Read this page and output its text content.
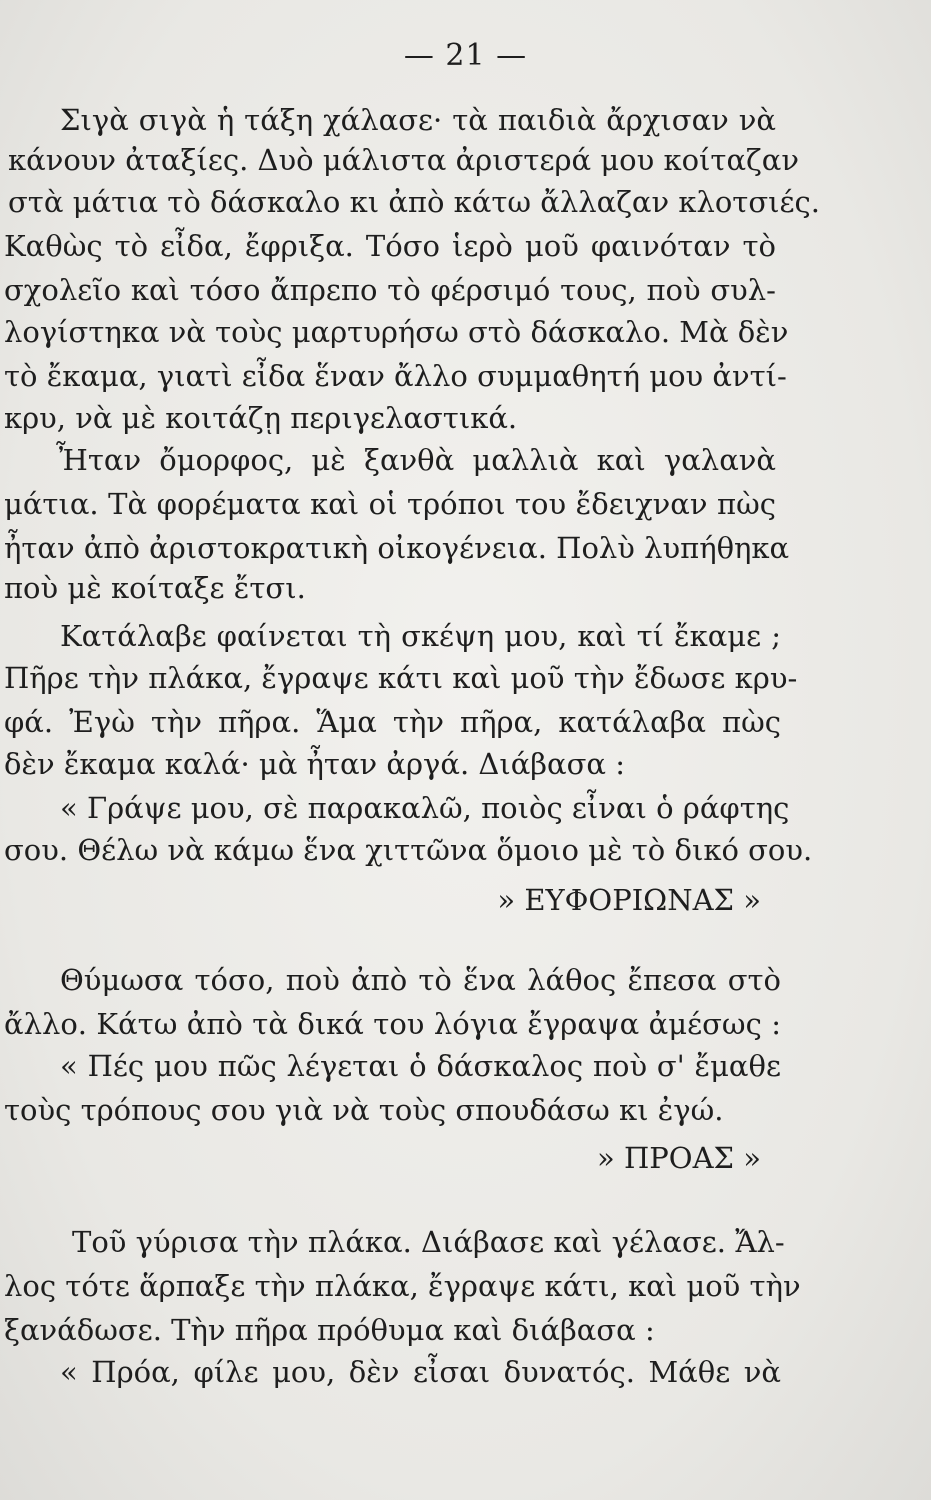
— 21 —
Σιγὰ σιγὰ ἡ τάξη χάλασε· τὰ παιδιὰ ἄρχισαν νὰ
κάνουν ἀταξίες. Δυὸ μάλιστα ἀριστερά μου κοίταζαν
στὰ μάτια τὸ δάσκαλο κι ἀπὸ κάτω ἄλλαζαν κλοτσιές.
Καθὼς τὸ εἶδα, ἔφριξα. Τόσο ἱερὸ μοῦ φαινόταν τὸ
σχολεῖο καὶ τόσο ἄπρεπο τὸ φέρσιμό τους, ποὺ συλ-
λογίστηκα νὰ τοὺς μαρτυρήσω στὸ δάσκαλο. Μὰ δὲν
τὸ ἔκαμα, γιατὶ εἶδα ἕναν ἄλλο συμμαθητή μου ἀντί-
κρυ, νὰ μὲ κοιτάζῃ περιγελαστικά.
Ἦταν ὄμορφος, μὲ ξανθὰ μαλλιὰ καὶ γαλανὰ
μάτια. Τὰ φορέματα καὶ οἱ τρόποι του ἔδειχναν πὼς
ἦταν ἀπὸ ἀριστοκρατικὴ οἰκογένεια. Πολὺ λυπήθηκα
ποὺ μὲ κοίταξε ἔτσι.
Κατάλαβε φαίνεται τὴ σκέψη μου, καὶ τί ἔκαμε ;
Πῆρε τὴν πλάκα, ἔγραψε κάτι καὶ μοῦ τὴν ἔδωσε κρυ-
φά. Ἐγὼ τὴν πῆρα. Ἅμα τὴν πῆρα, κατάλαβα πὼς
δὲν ἔκαμα καλά· μὰ ἦταν ἀργά. Διάβασα :
« Γράψε μου, σὲ παρακαλῶ, ποιὸς εἶναι ὁ ράφτης
σου. Θέλω νὰ κάμω ἕνα χιττῶνα ὅμοιο μὲ τὸ δικό σου.
» ΕΥΦΟΡΙΩΝΑΣ »
Θύμωσα τόσο, ποὺ ἀπὸ τὸ ἕνα λάθος ἔπεσα στὸ
ἄλλο. Κάτω ἀπὸ τὰ δικά του λόγια ἔγραψα ἀμέσως :
« Πές μου πῶς λέγεται ὁ δάσκαλος ποὺ σ' ἔμαθε
τοὺς τρόπους σου γιὰ νὰ τοὺς σπουδάσω κι ἐγώ.
» ΠΡΟΑΣ »
Τοῦ γύρισα τὴν πλάκα. Διάβασε καὶ γέλασε. Ἄλ-
λος τότε ἅρπαξε τὴν πλάκα, ἔγραψε κάτι, καὶ μοῦ τὴν
ξανάδωσε. Τὴν πῆρα πρόθυμα καὶ διάβασα :
« Πρόα, φίλε μου, δὲν εἶσαι δυνατός. Μάθε νὰ
